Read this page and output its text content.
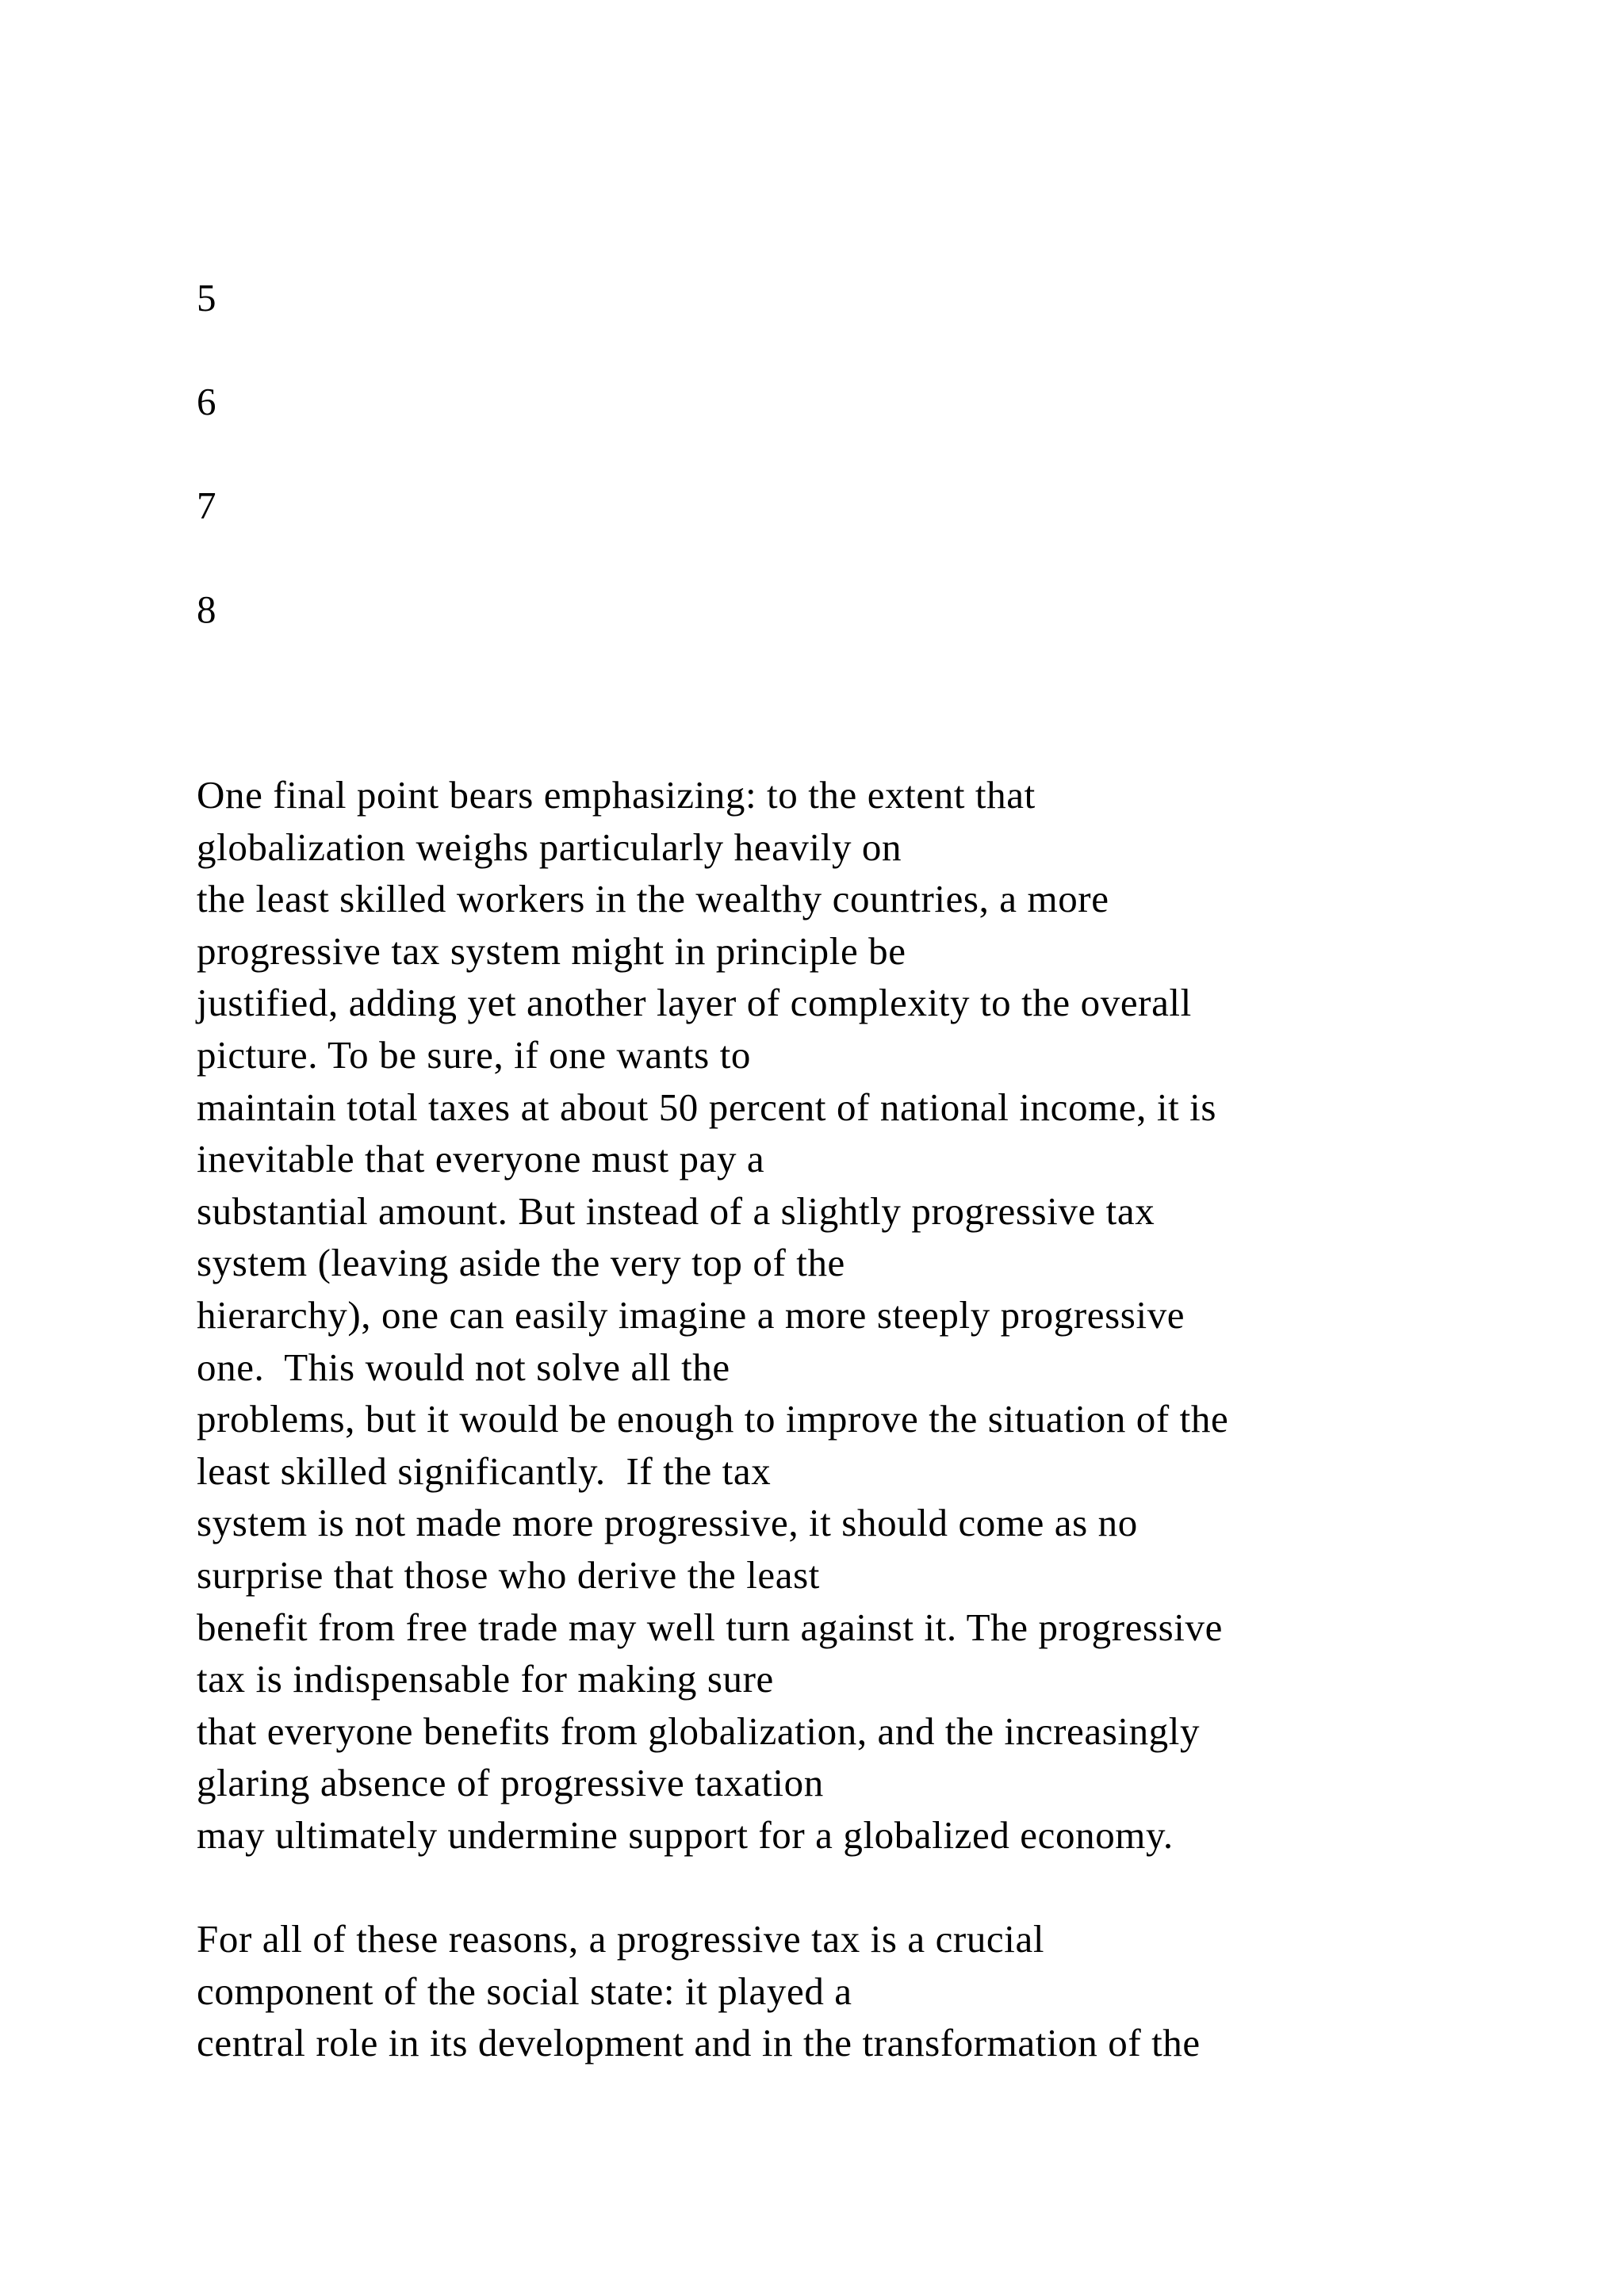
5
6
7
8
One final point bears emphasizing: to the extent that
globalization weighs particularly heavily on
the least skilled workers in the wealthy countries, a more
progressive tax system might in principle be
justified, adding yet another layer of complexity to the overall
picture. To be sure, if one wants to
maintain total taxes at about 50 percent of national income, it is
inevitable that everyone must pay a
substantial amount. But instead of a slightly progressive tax
system (leaving aside the very top of the
hierarchy), one can easily imagine a more steeply progressive
one.  This would not solve all the
problems, but it would be enough to improve the situation of the
least skilled significantly.  If the tax
system is not made more progressive, it should come as no
surprise that those who derive the least
benefit from free trade may well turn against it. The progressive
tax is indispensable for making sure
that everyone benefits from globalization, and the increasingly
glaring absence of progressive taxation
may ultimately undermine support for a globalized economy.
For all of these reasons, a progressive tax is a crucial
component of the social state: it played a
central role in its development and in the transformation of the
